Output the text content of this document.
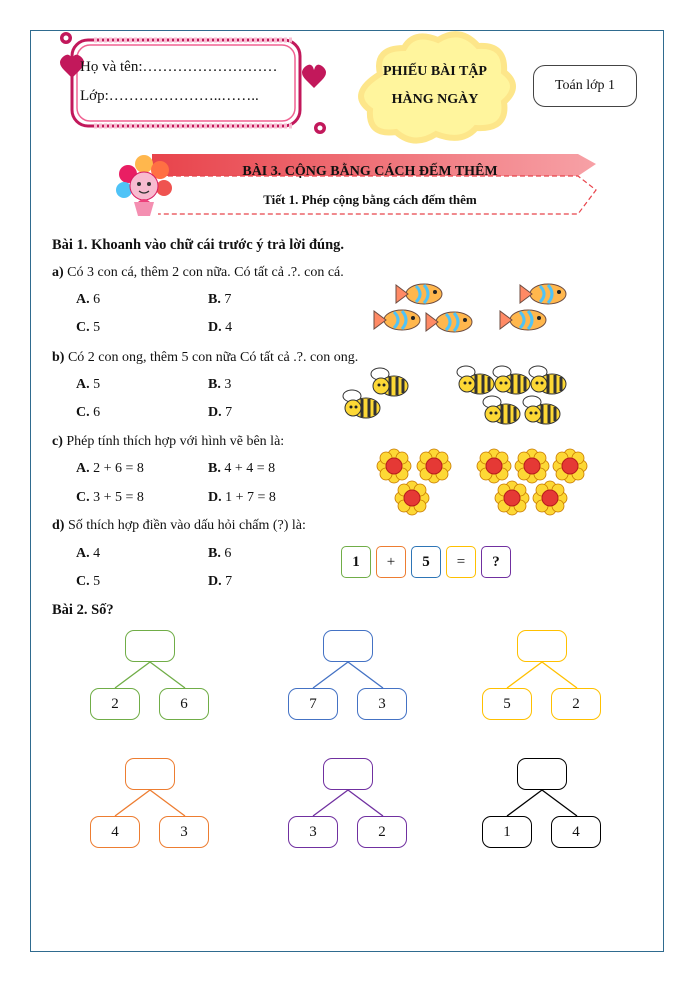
Họ và tên:………………………
Lớp:…………………..……..
PHIẾU BÀI TẬP
HÀNG NGÀY
Toán lớp 1
BÀI 3. CỘNG BẰNG CÁCH ĐẾM THÊM
Tiết 1. Phép cộng bằng cách đếm thêm
Bài 1. Khoanh vào chữ cái trước ý trả lời đúng.
a) Có 3 con cá, thêm 2 con nữa. Có tất cả .?. con cá.
A. 6	B. 7
C. 5	D. 4
b) Có 2 con ong, thêm 5 con nữa Có tất cả .?. con ong.
A. 5	B. 3
C. 6	D. 7
c) Phép tính thích hợp với hình vẽ bên là:
A. 2 + 6 = 8	B. 4 + 4 = 8
C. 3 + 5 = 8	D. 1 + 7 = 8
d) Số thích hợp điền vào dấu hỏi chấm (?) là:
A. 4	B. 6
C. 5	D. 7
1	+	5	=	?
Bài 2. Số?
2	6	7	3	5	2
4	3	3	2	1	4
